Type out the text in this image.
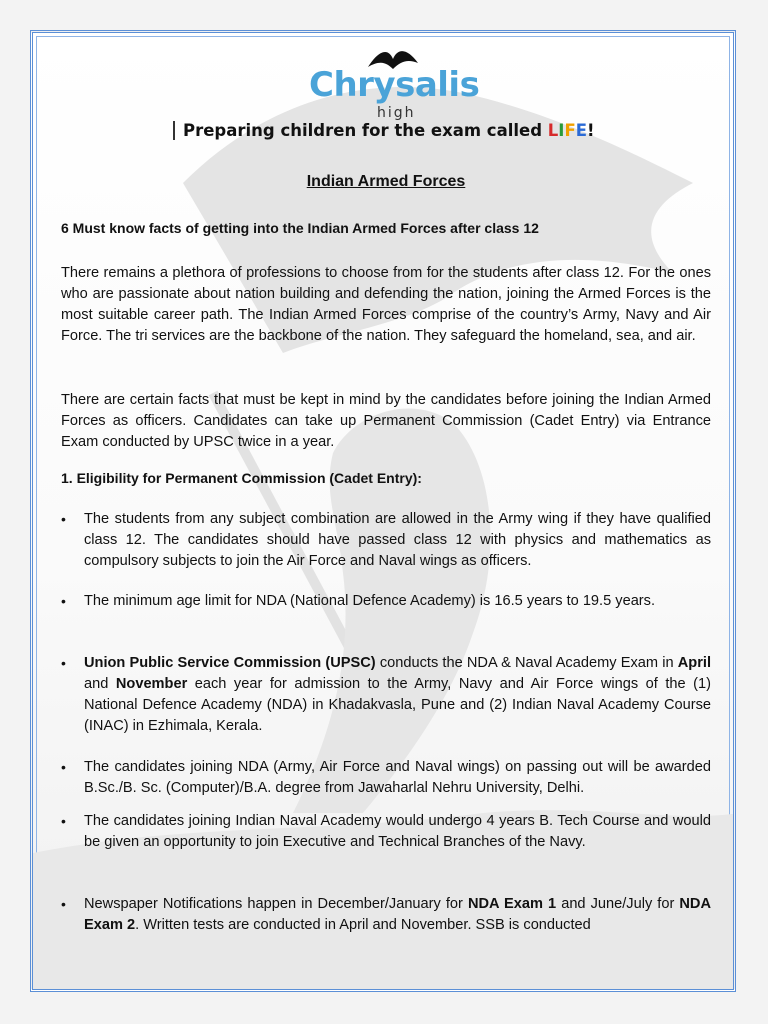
Chrysalis
high
Preparing children for the exam called LIFE!
Indian Armed Forces
6 Must know facts of getting into the Indian Armed Forces after class 12
There remains a plethora of professions to choose from for the students after class 12. For the ones who are passionate about nation building and defending the nation, joining the Armed Forces is the most suitable career path. The Indian Armed Forces comprise of the country’s Army, Navy and Air Force. The tri services are the backbone of the nation. They safeguard the homeland, sea, and air.
There are certain facts that must be kept in mind by the candidates before joining the Indian Armed Forces as officers. Candidates can take up Permanent Commission (Cadet Entry) via Entrance Exam conducted by UPSC twice in a year.
1. Eligibility for Permanent Commission (Cadet Entry):
•	The students from any subject combination are allowed in the Army wing if they have qualified class 12. The candidates should have passed class 12 with physics and mathematics as compulsory subjects to join the Air Force and Naval wings as officers.
•	The minimum age limit for NDA (National Defence Academy) is 16.5 years to 19.5 years.
•	Union Public Service Commission (UPSC) conducts the NDA & Naval Academy Exam in April and November each year for admission to the Army, Navy and Air Force wings of the (1) National Defence Academy (NDA) in Khadakvasla, Pune and (2) Indian Naval Academy Course (INAC) in Ezhimala, Kerala.
•	The candidates joining NDA (Army, Air Force and Naval wings) on passing out will be awarded B.Sc./B. Sc. (Computer)/B.A. degree from Jawaharlal Nehru University, Delhi.
•	The candidates joining Indian Naval Academy would undergo 4 years B. Tech Course and would be given an opportunity to join Executive and Technical Branches of the Navy.
•	Newspaper Notifications happen in December/January for NDA Exam 1 and June/July for NDA Exam 2. Written tests are conducted in April and November. SSB is conducted
